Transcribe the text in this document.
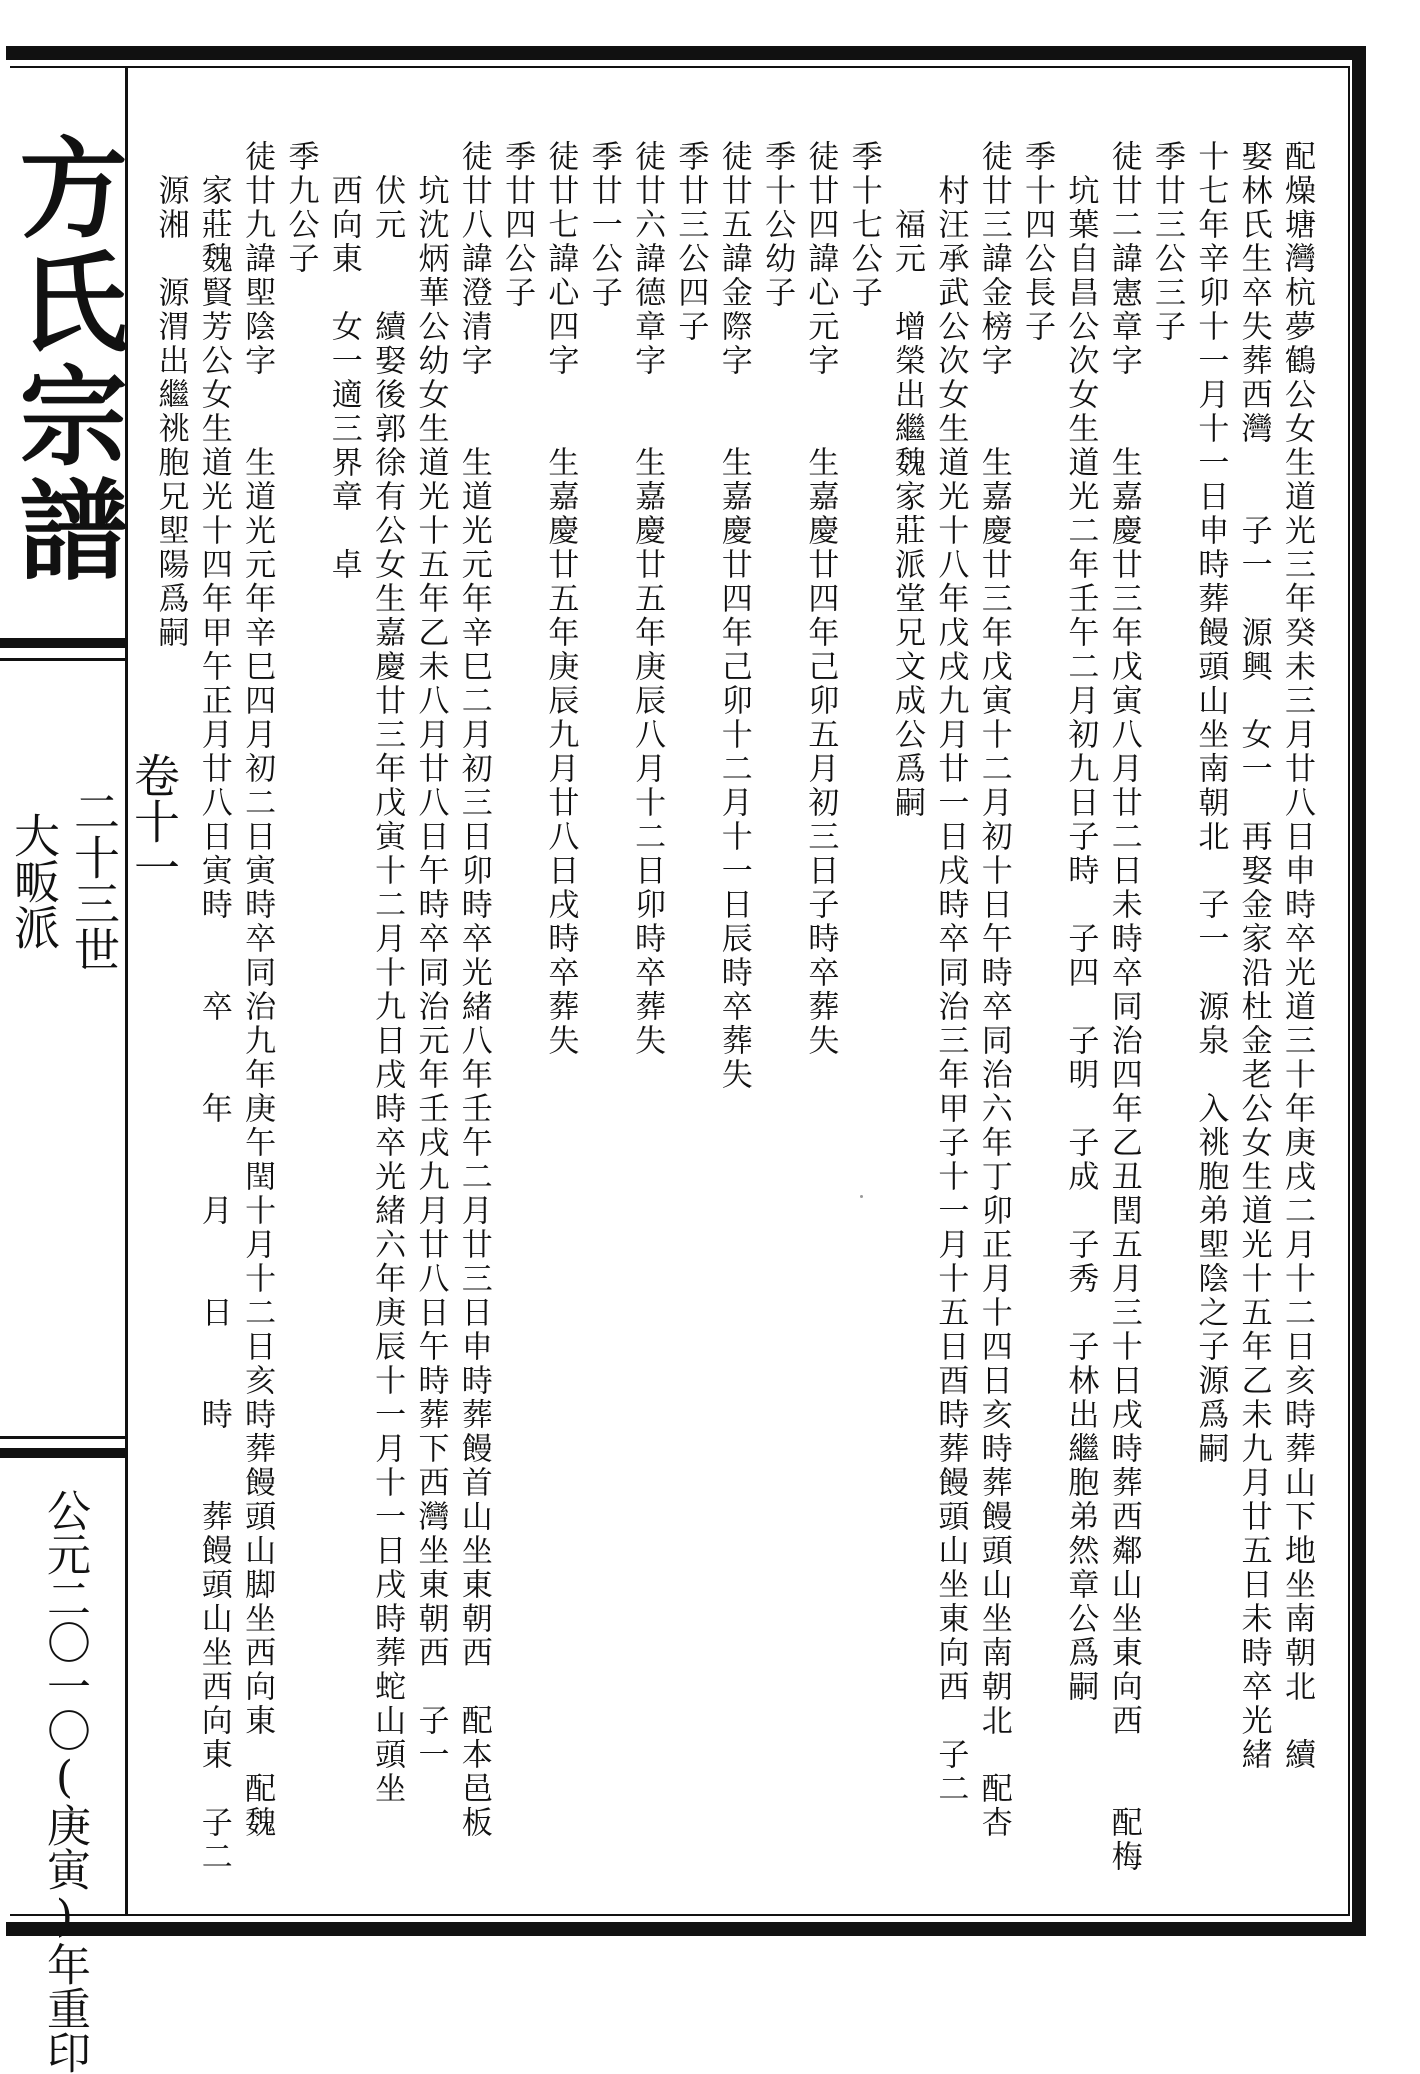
方氏宗譜
卷十一
二十三世
大畈派
公元二〇一〇(庚寅)年重印
配燥塘灣杭夢鶴公女生道光三年癸未三月廿八日申時卒光道三十年庚戌二月十二日亥時葬山下地坐南朝北　續
娶林氏生卒失葬西灣　　子一　源興　女一　再娶金家沿杜金老公女生道光十五年乙未九月廿五日未時卒光緒
十七年辛卯十一月十一日申時葬饅頭山坐南朝北　子一　源泉　入祧胞弟堲陰之子源爲嗣
季廿三公三子
徒廿二諱憲章字　　生嘉慶廿三年戊寅八月廿二日未時卒同治四年乙丑閏五月三十日戌時葬西鄰山坐東向西　　配梅
　坑葉自昌公次女生道光二年壬午二月初九日子時　子四　子明　子成　子秀　子林出繼胞弟然章公爲嗣
季十四公長子
徒廿三諱金榜字　　生嘉慶廿三年戊寅十二月初十日午時卒同治六年丁卯正月十四日亥時葬饅頭山坐南朝北　配杏
　村汪承武公次女生道光十八年戊戌九月廿一日戌時卒同治三年甲子十一月十五日酉時葬饅頭山坐東向西　子二
　　福元　增榮出繼魏家莊派堂兄文成公爲嗣
季十七公子
徒廿四諱心元字　　生嘉慶廿四年己卯五月初三日子時卒葬失
季十公幼子
徒廿五諱金際字　　生嘉慶廿四年己卯十二月十一日辰時卒葬失
季廿三公四子
徒廿六諱德章字　　生嘉慶廿五年庚辰八月十二日卯時卒葬失
季廿一公子
徒廿七諱心四字　　生嘉慶廿五年庚辰九月廿八日戌時卒葬失
季廿四公子
徒廿八諱澄清字　　生道光元年辛巳二月初三日卯時卒光緒八年壬午二月廿三日申時葬饅首山坐東朝西　配本邑板
　坑沈炳華公幼女生道光十五年乙未八月廿八日午時卒同治元年壬戌九月廿八日午時葬下西灣坐東朝西　子一
　伏元　　續娶後郭徐有公女生嘉慶廿三年戊寅十二月十九日戌時卒光緒六年庚辰十一月十一日戌時葬蛇山頭坐
　西向東　女一適三界章　卓
季九公子
徒廿九諱堲陰字　　生道光元年辛巳四月初二日寅時卒同治九年庚午閏十月十二日亥時葬饅頭山脚坐西向東　配魏
　家莊魏賢芳公女生道光十四年甲午正月廿八日寅時　　卒　　年　　月　　日　　時　　葬饅頭山坐西向東　子二
　源湘　源渭出繼祧胞兄堲陽爲嗣
